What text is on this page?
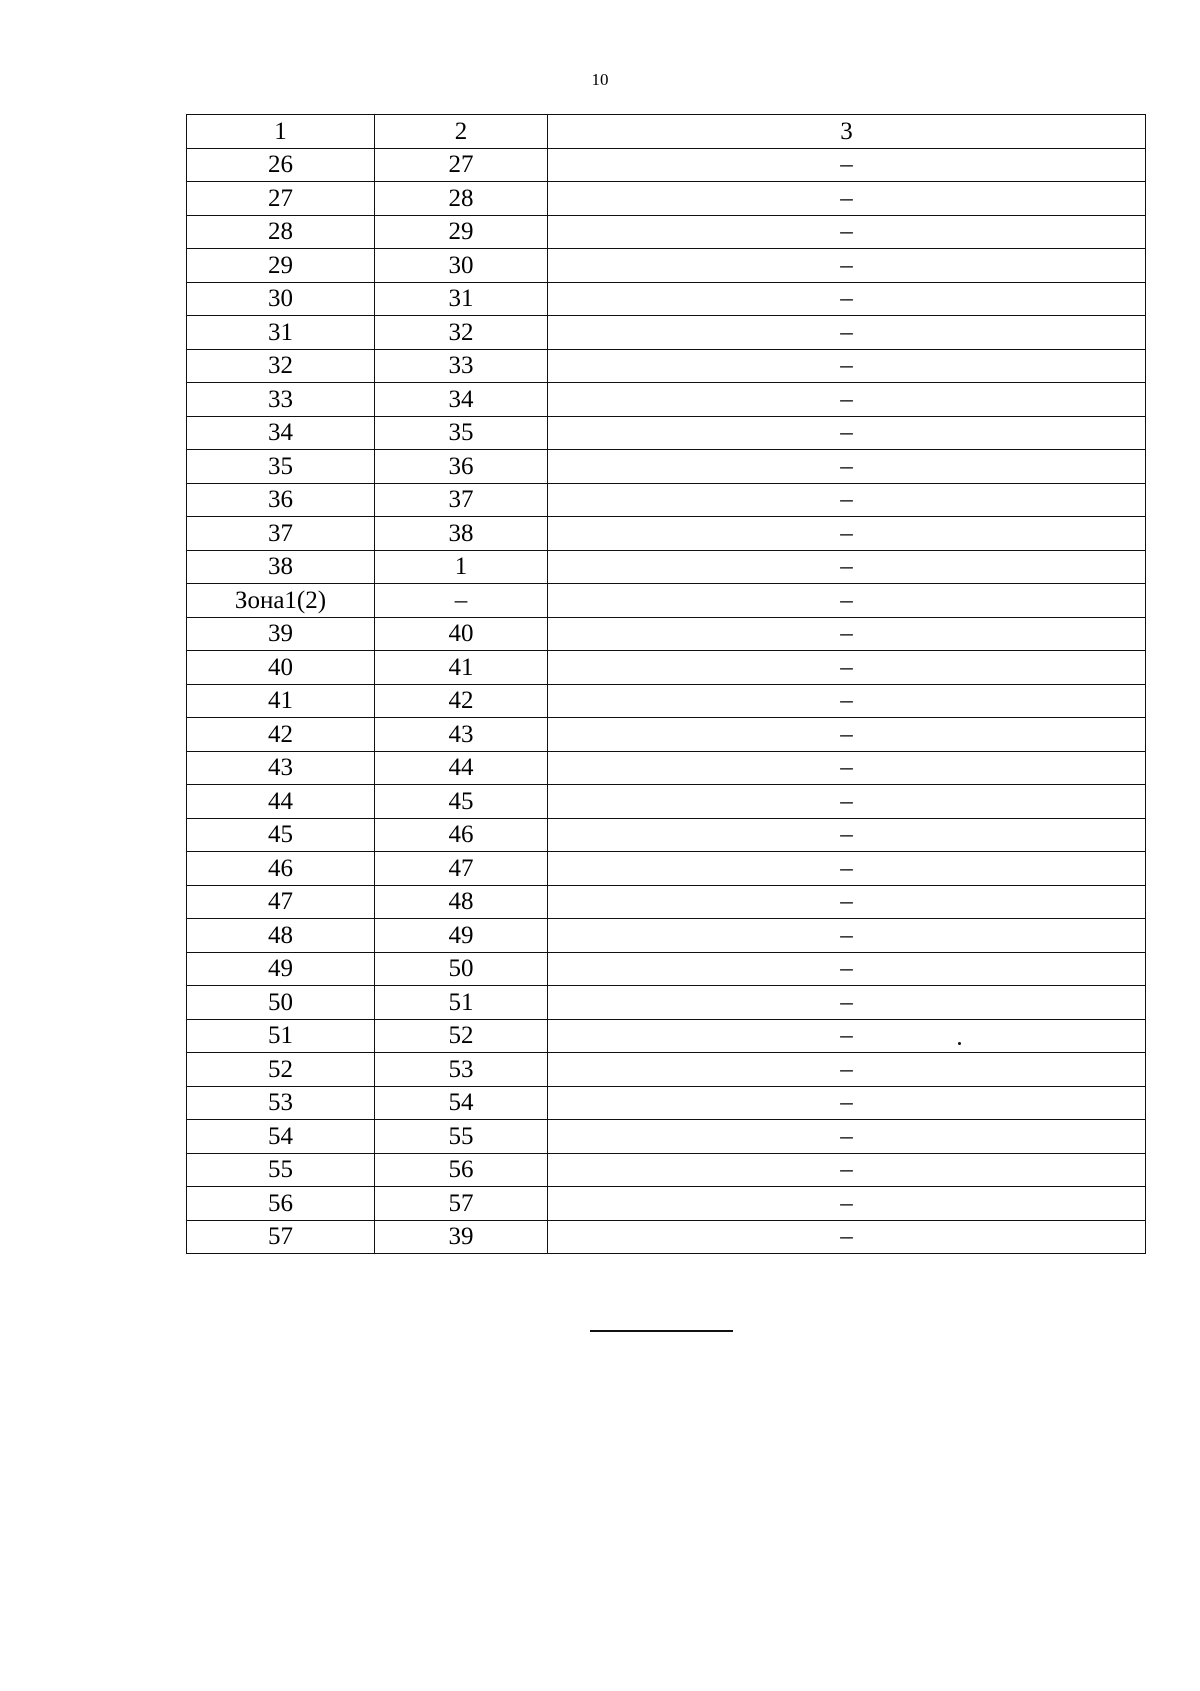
10
1	2	3
26	27	–
27	28	–
28	29	–
29	30	–
30	31	–
31	32	–
32	33	–
33	34	–
34	35	–
35	36	–
36	37	–
37	38	–
38	1	–
Зона1(2)	–	–
39	40	–
40	41	–
41	42	–
42	43	–
43	44	–
44	45	–
45	46	–
46	47	–
47	48	–
48	49	–
49	50	–
50	51	–
51	52	–
52	53	–
53	54	–
54	55	–
55	56	–
56	57	–
57	39	–
